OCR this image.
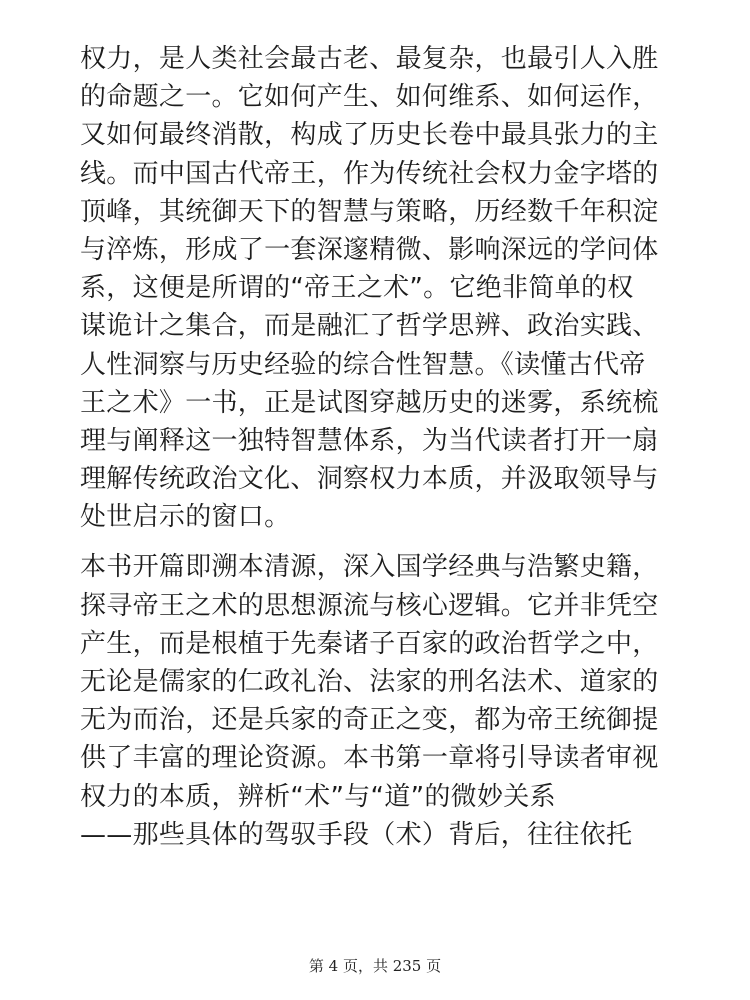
权力，是人类社会最古老、最复杂，也最引人入胜
的命题之一。它如何产生、如何维系、如何运作，
又如何最终消散，构成了历史长卷中最具张力的主
线。而中国古代帝王，作为传统社会权力金字塔的
顶峰，其统御天下的智慧与策略，历经数千年积淀
与淬炼，形成了一套深邃精微、影响深远的学问体
系，这便是所谓的“帝王之术”。它绝非简单的权
谋诡计之集合，而是融汇了哲学思辨、政治实践、
人性洞察与历史经验的综合性智慧。《读懂古代帝
王之术》一书，正是试图穿越历史的迷雾，系统梳
理与阐释这一独特智慧体系，为当代读者打开一扇
理解传统政治文化、洞察权力本质，并汲取领导与
处世启示的窗口。
本书开篇即溯本清源，深入国学经典与浩繁史籍，
探寻帝王之术的思想源流与核心逻辑。它并非凭空
产生，而是根植于先秦诸子百家的政治哲学之中，
无论是儒家的仁政礼治、法家的刑名法术、道家的
无为而治，还是兵家的奇正之变，都为帝王统御提
供了丰富的理论资源。本书第一章将引导读者审视
权力的本质，辨析“术”与“道”的微妙关系
——那些具体的驾驭手段（术）背后，往往依托
第 4 页，共 235 页
